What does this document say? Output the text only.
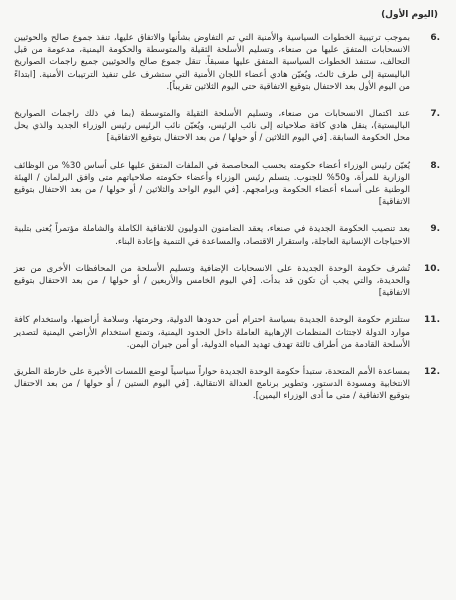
(اليوم الأول)
.6
بموجب ترتيبية الخطوات السياسية والأمنية التي تم التفاوض بشأنها والاتفاق عليها، تنفذ جموع صالح والحوثيين الانسحابات المتفق عليها من صنعاء، وتسليم الأسلحة الثقيلة والمتوسطة والحكومة اليمنية، مدعومة من قبل التحالف، ستنفذ الخطوات السياسية المتفق عليها مسبقاً. تنقل جموع صالح والحوثيين جميع راجمات الصواريخ الباليستية إلى طرف ثالث، ويُعيّن هادي أعضاء اللجان الأمنية التي ستشرف على تنفيذ الترتيبات الأمنية. [ابتداءً من اليوم الأول بعد الاحتفال بتوقيع الاتفاقية حتى اليوم الثلاثين تقريباً].
.7
عند اكتمال الانسحابات من صنعاء، وتسليم الأسلحة الثقيلة والمتوسطة (بما في ذلك راجمات الصواريخ الباليستية)، ينقل هادي كافة صلاحياته إلى نائب الرئيس، ويُعيّن نائب الرئيس رئيس الوزراء الجديد والذي يحل محل الحكومة السابقة. [في اليوم الثلاثين / أو حولها / من بعد الاحتفال بتوقيع الاتفاقية]
.8
يُعيّن رئيس الوزراء أعضاء حكومته بحسب المحاصصة في الملفات المتفق عليها على أساس 30% من الوظائف الوزارية للمرأة، و50% للجنوب. يتسلم رئيس الوزراء وأعضاء حكومته صلاحياتهم متى وافق البرلمان / الهيئة الوطنية على أسماء أعضاء الحكومة وبرامجهم. [في اليوم الواحد والثلاثين / أو حولها / من بعد الاحتفال بتوقيع الاتفاقية]
.9
بعد تنصيب الحكومة الجديدة في صنعاء، يعقد الضامنون الدوليون للاتفاقية الكاملة والشاملة مؤتمراً يُعنى بتلبية الاحتياجات الإنسانية العاجلة، واستقرار الاقتصاد، والمساعدة في التنمية وإعادة البناء.
.10
تُشرف حكومة الوحدة الجديدة على الانسحابات الإضافية وتسليم الأسلحة من المحافظات الأخرى من تعز والحديدة، والتي يجب أن تكون قد بدأت. [في اليوم الخامس والأربعين / أو حولها / من بعد الاحتفال بتوقيع الاتفاقية]
.11
ستلتزم حكومة الوحدة الجديدة بسياسة احترام أمن حدودها الدولية، وحرمتها، وسلامة أراضيها، واستخدام كافة موارد الدولة لاجتثاث المنظمات الإرهابية العاملة داخل الحدود اليمنية، وتمنع استخدام الأراضي اليمنية لتصدير الأسلحة القادمة من أطراف ثالثة تهدف تهديد المياه الدولية، أو أمن جيران اليمن.
.12
بمساعدة الأمم المتحدة، ستبدأ حكومة الوحدة الجديدة حواراً سياسياً لوضع اللمسات الأخيرة على خارطة الطريق الانتخابية ومسودة الدستور، وتطوير برنامج العدالة الانتقالية. [في اليوم الستين / أو حولها / من بعد الاحتفال بتوقيع الاتفاقية / متى ما أدى الوزراء اليمين].
